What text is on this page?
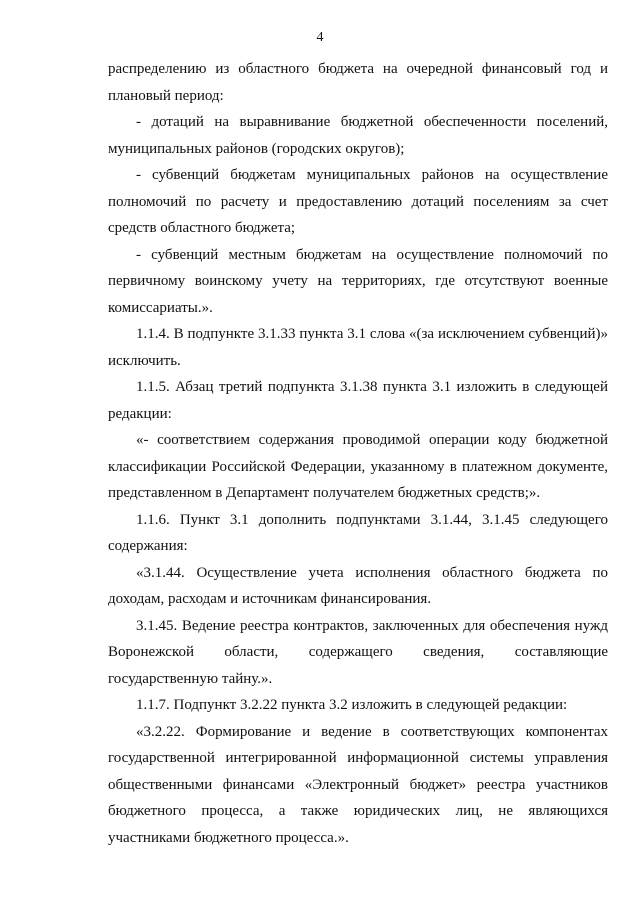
4

распределению из областного бюджета на очередной финансовый год и плановый период:

- дотаций на выравнивание бюджетной обеспеченности поселений, муниципальных районов (городских округов);

- субвенций бюджетам муниципальных районов на осуществление полномочий по расчету и предоставлению дотаций поселениям за счет средств областного бюджета;

- субвенций местным бюджетам на осуществление полномочий по первичному воинскому учету на территориях, где отсутствуют военные комиссариаты.».

1.1.4. В подпункте 3.1.33 пункта 3.1 слова «(за исключением субвенций)» исключить.

1.1.5. Абзац третий подпункта 3.1.38 пункта 3.1 изложить в следующей редакции:

«- соответствием содержания проводимой операции коду бюджетной классификации Российской Федерации, указанному в платежном документе, представленном в Департамент получателем бюджетных средств;».

1.1.6. Пункт 3.1 дополнить подпунктами 3.1.44, 3.1.45 следующего содержания:

«3.1.44. Осуществление учета исполнения областного бюджета по доходам, расходам и источникам финансирования.

3.1.45. Ведение реестра контрактов, заключенных для обеспечения нужд Воронежской области, содержащего сведения, составляющие

государственную тайну.».

1.1.7. Подпункт 3.2.22 пункта 3.2 изложить в следующей редакции:

«3.2.22. Формирование и ведение в соответствующих компонентах государственной интегрированной информационной системы управления общественными финансами «Электронный бюджет» реестра участников бюджетного процесса, а также юридических лиц, не являющихся участниками бюджетного процесса.».
